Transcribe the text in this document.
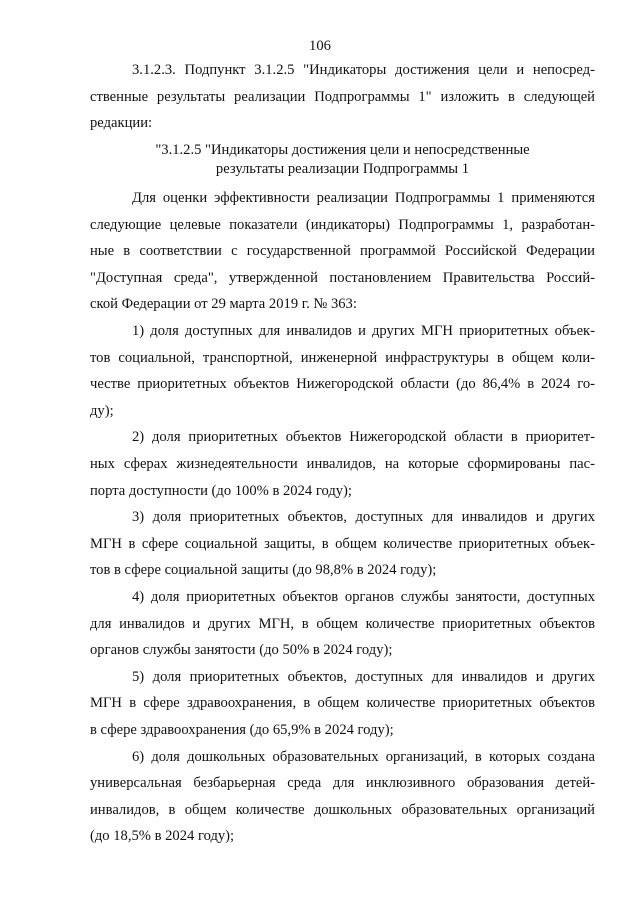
106
3.1.2.3. Подпункт 3.1.2.5 "Индикаторы достижения цели и непосред-
ственные результаты реализации Подпрограммы 1" изложить в следующей
редакции:
"3.1.2.5 "Индикаторы достижения цели и непосредственные
результаты реализации Подпрограммы 1
Для оценки эффективности реализации Подпрограммы 1 применяются
следующие целевые показатели (индикаторы) Подпрограммы 1, разработан-
ные в соответствии с государственной программой Российской Федерации
"Доступная среда", утвержденной постановлением Правительства Россий-
ской Федерации от 29 марта 2019 г. № 363:
1) доля доступных для инвалидов и других МГН приоритетных объек-
тов социальной, транспортной, инженерной инфраструктуры в общем коли-
честве приоритетных объектов Нижегородской области (до 86,4% в 2024 го-
ду);
2) доля приоритетных объектов Нижегородской области в приоритет-
ных сферах жизнедеятельности инвалидов, на которые сформированы пас-
порта доступности (до 100% в 2024 году);
3) доля приоритетных объектов, доступных для инвалидов и других
МГН в сфере социальной защиты, в общем количестве приоритетных объек-
тов в сфере социальной защиты (до 98,8% в 2024 году);
4) доля приоритетных объектов органов службы занятости, доступных
для инвалидов и других МГН, в общем количестве приоритетных объектов
органов службы занятости (до 50% в 2024 году);
5) доля приоритетных объектов, доступных для инвалидов и других
МГН в сфере здравоохранения, в общем количестве приоритетных объектов
в сфере здравоохранения (до 65,9% в 2024 году);
6) доля дошкольных образовательных организаций, в которых создана
универсальная безбарьерная среда для инклюзивного образования детей-
инвалидов, в общем количестве дошкольных образовательных организаций
(до 18,5% в 2024 году);
